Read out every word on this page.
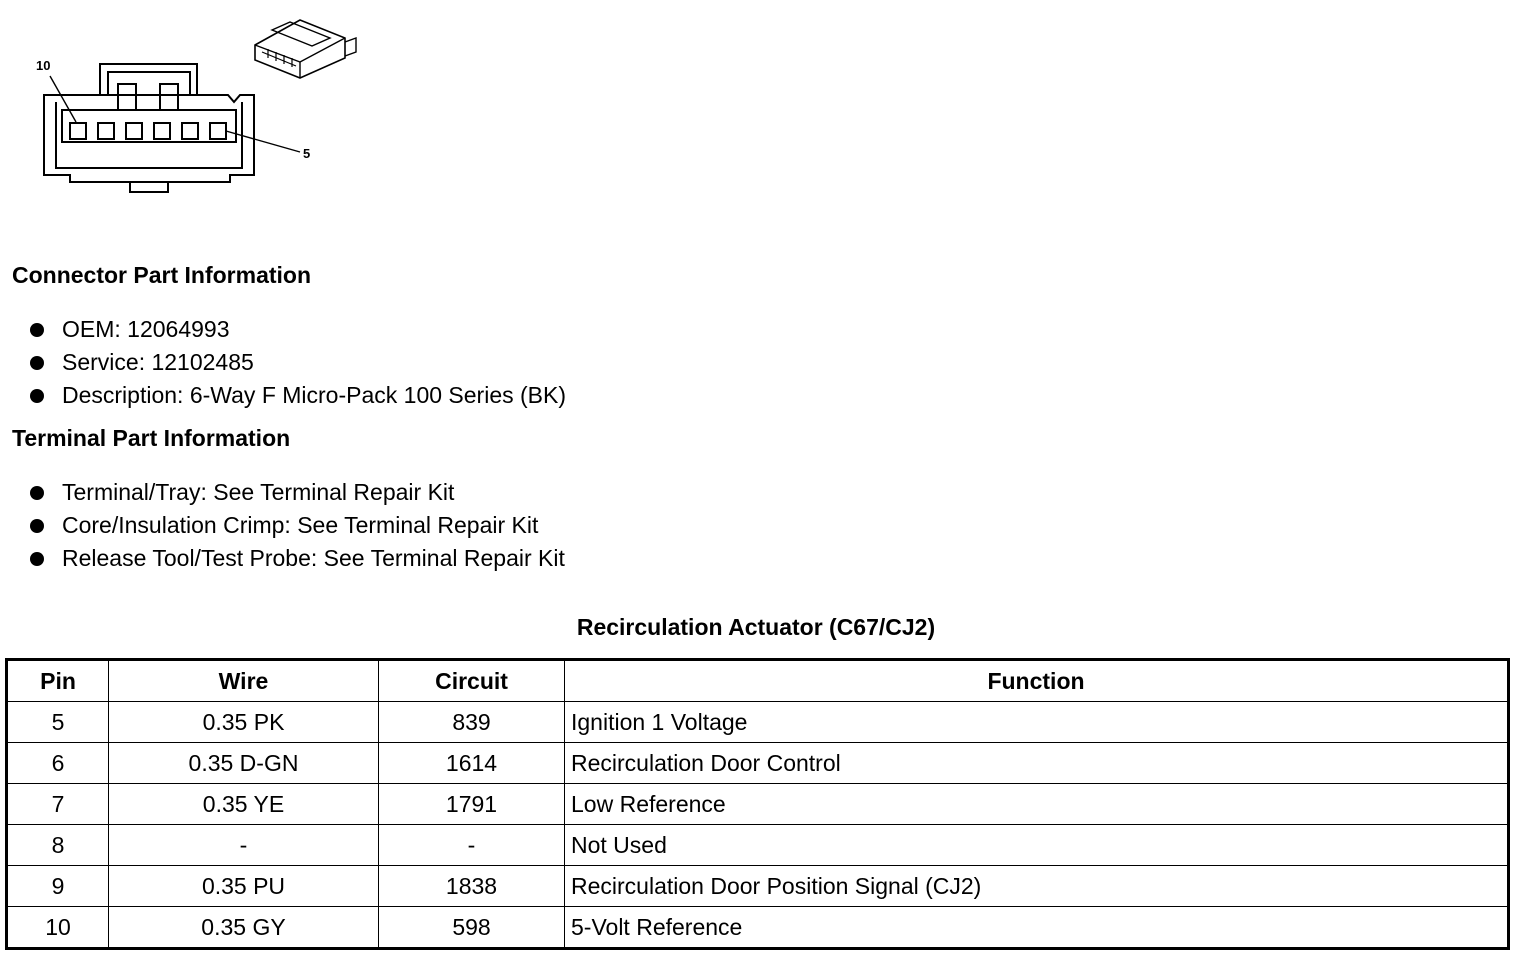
10
5
Connector Part Information
OEM: 12064993
Service: 12102485
Description: 6-Way F Micro-Pack 100 Series (BK)
Terminal Part Information
Terminal/Tray: See Terminal Repair Kit
Core/Insulation Crimp: See Terminal Repair Kit
Release Tool/Test Probe: See Terminal Repair Kit
Recirculation Actuator (C67/CJ2)
Pin	Wire	Circuit	Function
5	0.35 PK	839	Ignition 1 Voltage
6	0.35 D-GN	1614	Recirculation Door Control
7	0.35 YE	1791	Low Reference
8	-	-	Not Used
9	0.35 PU	1838	Recirculation Door Position Signal (CJ2)
10	0.35 GY	598	5-Volt Reference
